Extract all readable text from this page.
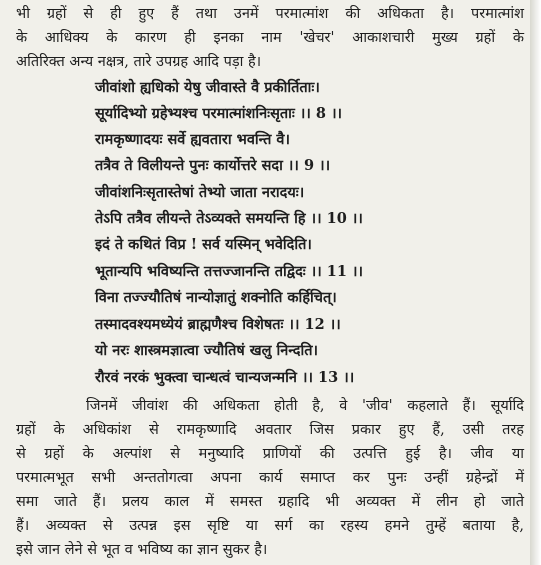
भी ग्रहों से ही हुए हैं तथा उनमें परमात्मांश की अधिकता है। परमात्मांश
के आधिक्य के कारण ही इनका नाम 'खेचर' आकाशचारी मुख्य ग्रहों के
अतिरिक्त अन्य नक्षत्र, तारे उपग्रह आदि पड़ा है।
जीवांशो ह्यधिको येषु जीवास्ते वै प्रकीर्तिताः।
सूर्यादिभ्यो ग्रहेभ्यश्च परमात्मांशनिःसृताः ।। 8 ।।
रामकृष्णादयः सर्वे ह्यवतारा भवन्ति वै।
तत्रैव ते विलीयन्ते पुनः कार्योत्तरे सदा ।। 9 ।।
जीवांशनिःसृतास्तेषां तेभ्यो जाता नरादयः।
तेऽपि तत्रैव लीयन्ते तेऽव्यक्ते समयन्ति हि ।। 10 ।।
इदं ते कथितं विप्र ! सर्व यस्मिन् भवेदिति।
भूतान्यपि भविष्यन्ति तत्तज्जानन्ति तद्विदः ।। 11 ।।
विना तज्ज्यौतिषं नान्योज्ञातुं शक्नोति कर्हिचित्।
तस्मादवश्यमध्येयं ब्राह्मणैश्च विशेषतः ।। 12 ।।
यो नरः शास्त्रमज्ञात्वा ज्यौतिषं खलु निन्दति।
रौरवं नरकं भुक्त्वा चान्धत्वं चान्यजन्मनि ।। 13 ।।
जिनमें जीवांश की अधिकता होती है, वे 'जीव' कहलाते हैं। सूर्यादि
ग्रहों के अधिकांश से रामकृष्णादि अवतार जिस प्रकार हुए हैं, उसी तरह
से ग्रहों के अल्पांश से मनुष्यादि प्राणियों की उत्पत्ति हुई है। जीव या
परमात्मभूत सभी अन्ततोगत्वा अपना कार्य समाप्त कर पुनः उन्हीं ग्रहेन्द्रों में
समा जाते हैं। प्रलय काल में समस्त ग्रहादि भी अव्यक्त में लीन हो जाते
हैं। अव्यक्त से उत्पन्न इस सृष्टि या सर्ग का रहस्य हमने तुम्हें बताया है,
इसे जान लेने से भूत व भविष्य का ज्ञान सुकर है।
